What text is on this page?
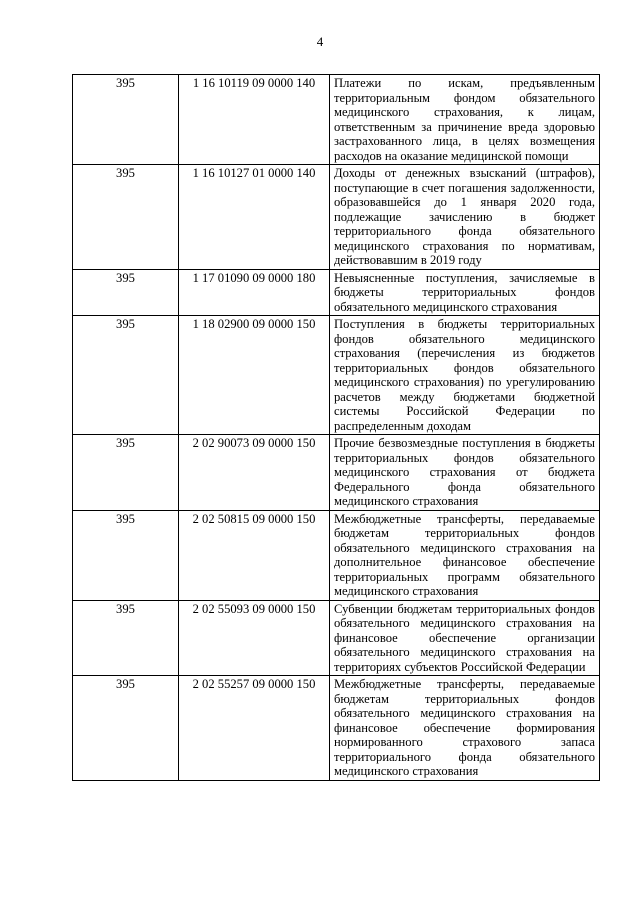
4
395	1 16 10119 09 0000 140	Платежи по искам, предъявленным территориальным фондом обязательного медицинского страхования, к лицам, ответственным за причинение вреда здоровью застрахованного лица, в целях возмещения расходов на оказание медицинской помощи
395	1 16 10127 01 0000 140	Доходы от денежных взысканий (штрафов), поступающие в счет погашения задолженности, образовавшейся до 1 января 2020 года, подлежащие зачислению в бюджет территориального фонда обязательного медицинского страхования по нормативам, действовавшим в 2019 году
395	1 17 01090 09 0000 180	Невыясненные поступления, зачисляемые в бюджеты территориальных фондов обязательного медицинского страхования
395	1 18 02900 09 0000 150	Поступления в бюджеты территориальных фондов обязательного медицинского страхования (перечисления из бюджетов территориальных фондов обязательного медицинского страхования) по урегулированию расчетов между бюджетами бюджетной системы Российской Федерации по распределенным доходам
395	2 02 90073 09 0000 150	Прочие безвозмездные поступления в бюджеты территориальных фондов обязательного медицинского страхования от бюджета Федерального фонда обязательного медицинского страхования
395	2 02 50815 09 0000 150	Межбюджетные трансферты, передаваемые бюджетам территориальных фондов обязательного медицинского страхования на дополнительное финансовое обеспечение территориальных программ обязательного медицинского страхования
395	2 02 55093 09 0000 150	Субвенции бюджетам территориальных фондов обязательного медицинского страхования на финансовое обеспечение организации обязательного медицинского страхования на территориях субъектов Российской Федерации
395	2 02 55257 09 0000 150	Межбюджетные трансферты, передаваемые бюджетам территориальных фондов обязательного медицинского страхования на финансовое обеспечение формирования нормированного страхового запаса территориального фонда обязательного медицинского страхования
